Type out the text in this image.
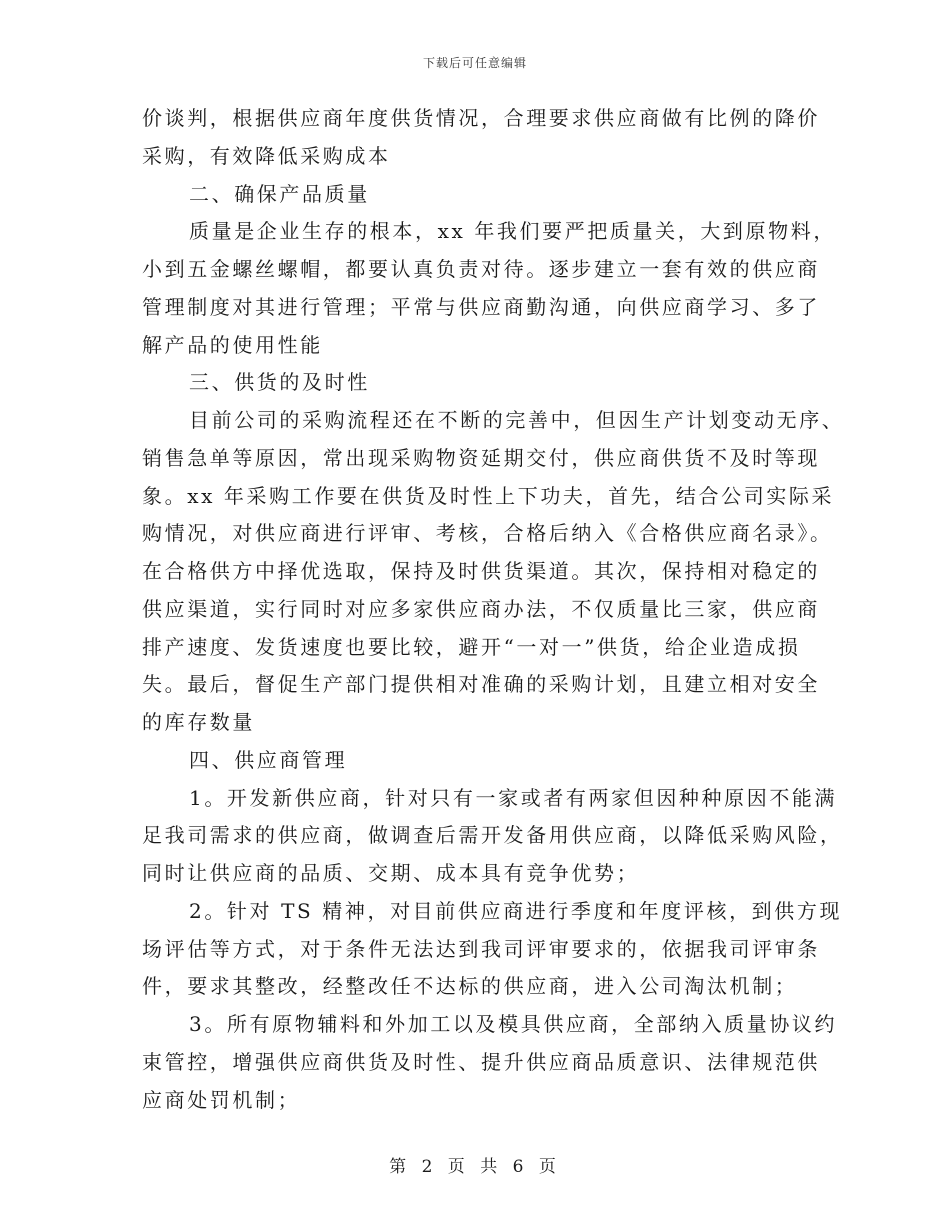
下载后可任意编辑
价谈判，根据供应商年度供货情况，合理要求供应商做有比例的降价
采购，有效降低采购成本
二、确保产品质量
质量是企业生存的根本，xx 年我们要严把质量关，大到原物料，
小到五金螺丝螺帽，都要认真负责对待。逐步建立一套有效的供应商
管理制度对其进行管理；平常与供应商勤沟通，向供应商学习、多了
解产品的使用性能
三、供货的及时性
目前公司的采购流程还在不断的完善中，但因生产计划变动无序、
销售急单等原因，常出现采购物资延期交付，供应商供货不及时等现
象。xx 年采购工作要在供货及时性上下功夫，首先，结合公司实际采
购情况，对供应商进行评审、考核，合格后纳入《合格供应商名录》。
在合格供方中择优选取，保持及时供货渠道。其次，保持相对稳定的
供应渠道，实行同时对应多家供应商办法，不仅质量比三家，供应商
排产速度、发货速度也要比较，避开“一对一”供货，给企业造成损
失。最后，督促生产部门提供相对准确的采购计划，且建立相对安全
的库存数量
四、供应商管理
1。开发新供应商，针对只有一家或者有两家但因种种原因不能满
足我司需求的供应商，做调查后需开发备用供应商，以降低采购风险，
同时让供应商的品质、交期、成本具有竞争优势；
2。针对 TS 精神，对目前供应商进行季度和年度评核，到供方现
场评估等方式，对于条件无法达到我司评审要求的，依据我司评审条
件，要求其整改，经整改任不达标的供应商，进入公司淘汰机制；
3。所有原物辅料和外加工以及模具供应商，全部纳入质量协议约
束管控，增强供应商供货及时性、提升供应商品质意识、法律规范供
应商处罚机制；
第 2 页 共 6 页
